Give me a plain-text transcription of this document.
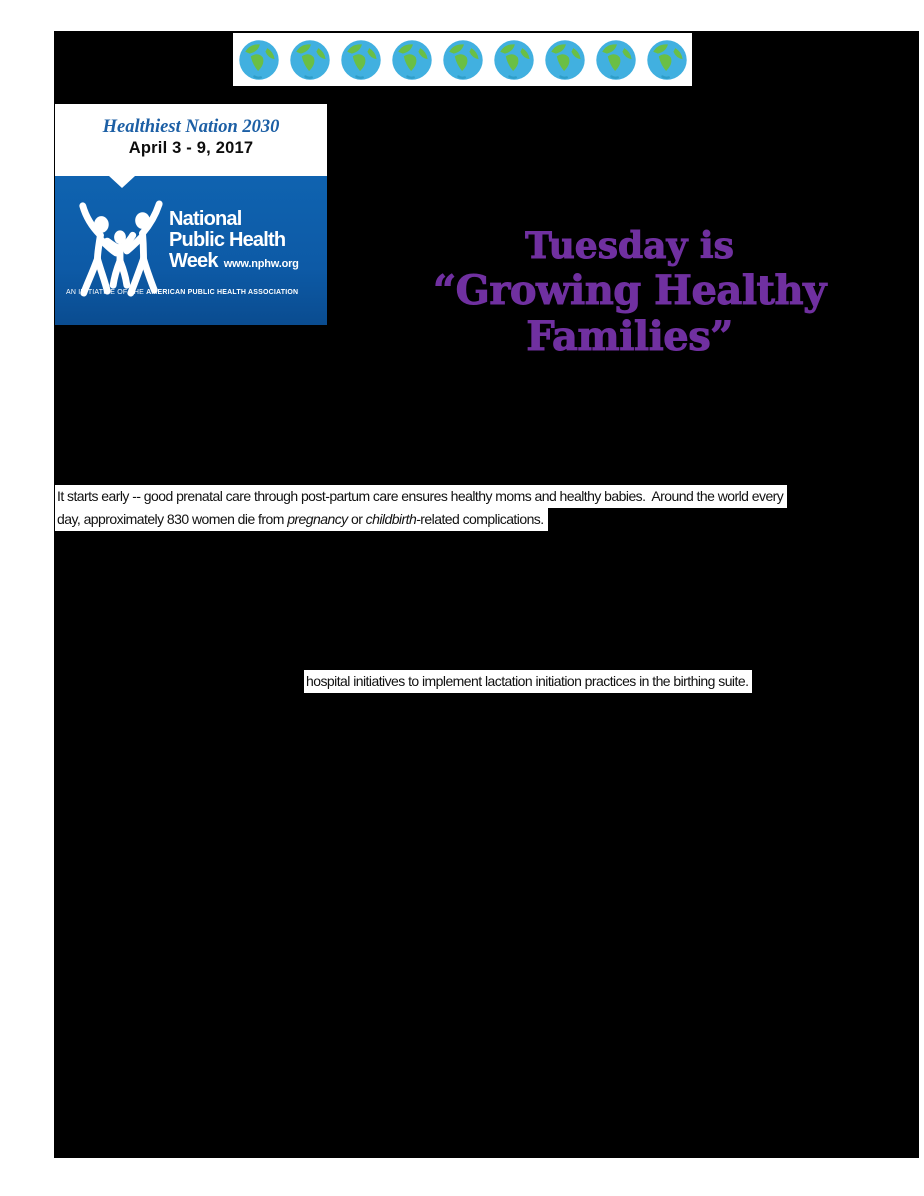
Healthiest Nation 2030
April 3 - 9, 2017
National
Public Health
Week www.nphw.org
AN INITIATIVE OF THE AMERICAN PUBLIC HEALTH ASSOCIATION
Tuesday is
“Growing Healthy Families”
It starts early -- good prenatal care through post-partum care ensures healthy moms and healthy babies.  Around the world every
day, approximately 830 women die from pregnancy or childbirth-related complications.
hospital initiatives to implement lactation initiation practices in the birthing suite.
